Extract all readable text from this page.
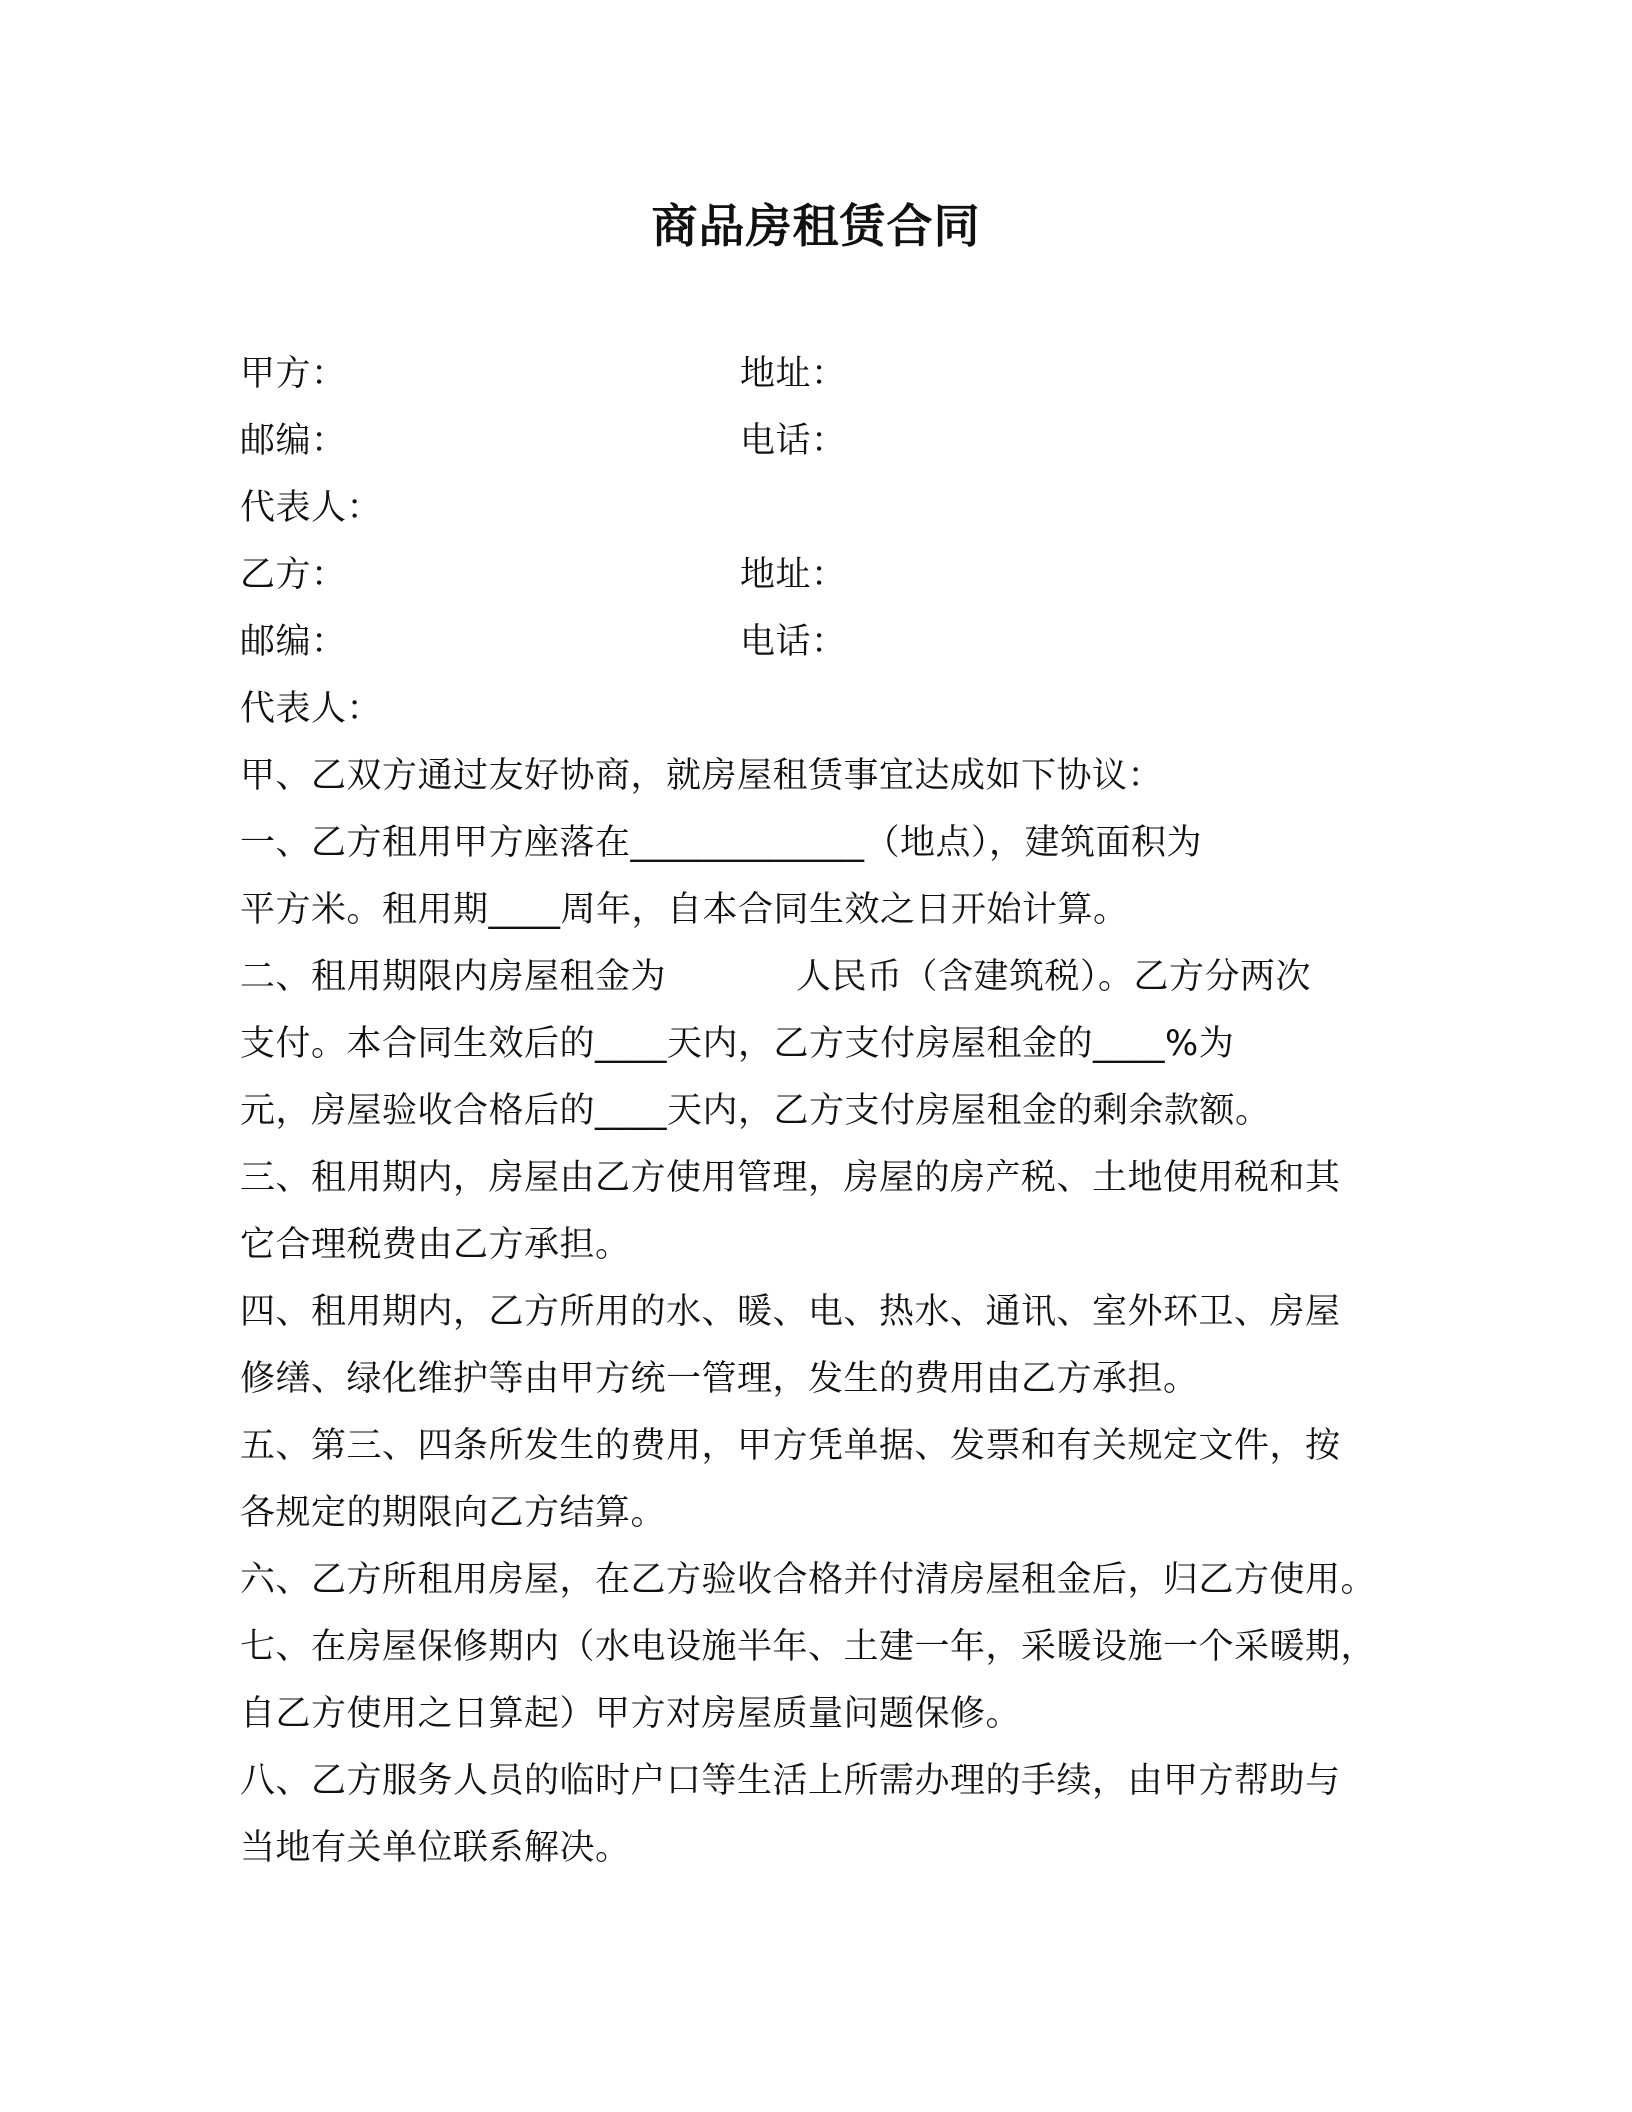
商品房租赁合同
甲方：	地址：
邮编：	电话：
代表人：
乙方：	地址：
邮编：	电话：
代表人：
甲、乙双方通过友好协商，就房屋租赁事宜达成如下协议：
一、乙方租用甲方座落在_____________（地点），建筑面积为
平方米。租用期____周年，自本合同生效之日开始计算。
二、租用期限内房屋租金为	人民币（含建筑税）。乙方分两次
支付。本合同生效后的____天内，乙方支付房屋租金的____%为
元，房屋验收合格后的____天内，乙方支付房屋租金的剩余款额。
三、租用期内，房屋由乙方使用管理，房屋的房产税、土地使用税和其
它合理税费由乙方承担。
四、租用期内，乙方所用的水、暖、电、热水、通讯、室外环卫、房屋
修缮、绿化维护等由甲方统一管理，发生的费用由乙方承担。
五、第三、四条所发生的费用，甲方凭单据、发票和有关规定文件，按
各规定的期限向乙方结算。
六、乙方所租用房屋，在乙方验收合格并付清房屋租金后，归乙方使用。
七、在房屋保修期内（水电设施半年、土建一年，采暖设施一个采暖期，
自乙方使用之日算起）甲方对房屋质量问题保修。
八、乙方服务人员的临时户口等生活上所需办理的手续，由甲方帮助与
当地有关单位联系解决。
